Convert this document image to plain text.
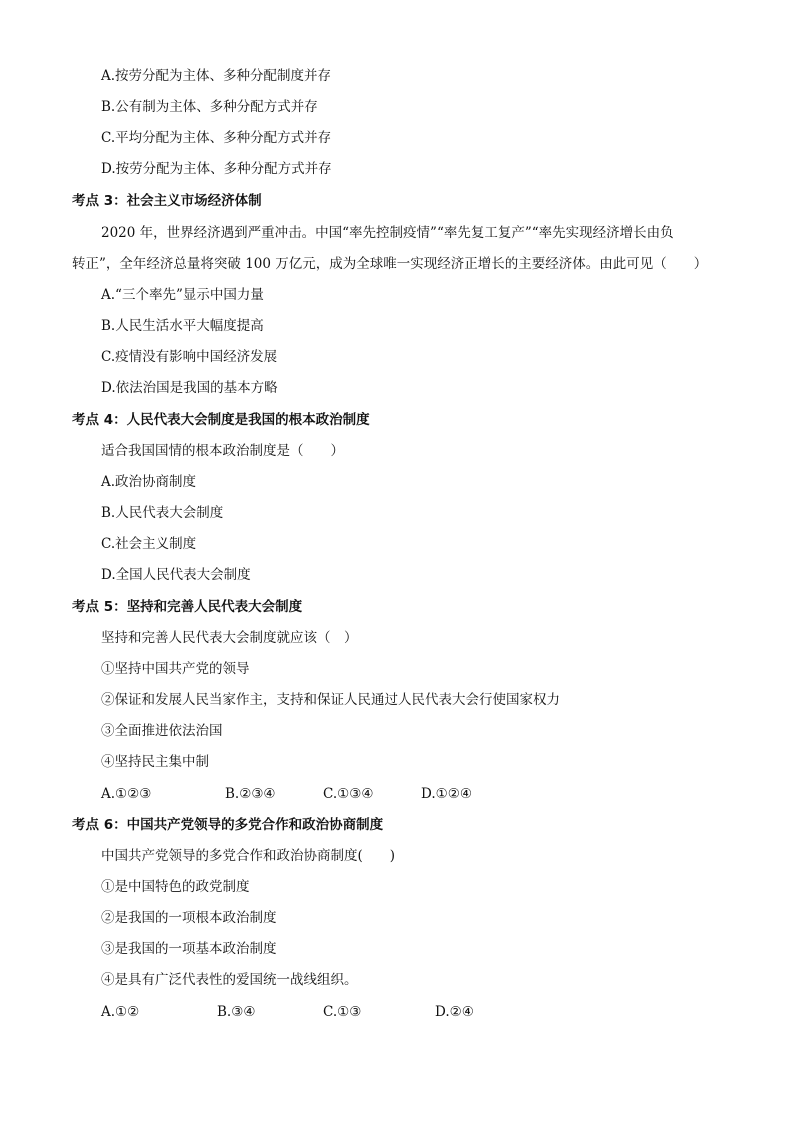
A.按劳分配为主体、多种分配制度并存
B.公有制为主体、多种分配方式并存
C.平均分配为主体、多种分配方式并存
D.按劳分配为主体、多种分配方式并存
考点 3：社会主义市场经济体制
2020 年，世界经济遇到严重冲击。中国“率先控制疫情”“率先复工复产”“率先实现经济增长由负
转正”，全年经济总量将突破 100 万亿元，成为全球唯一实现经济正增长的主要经济体。由此可见（　　）
A.“三个率先”显示中国力量
B.人民生活水平大幅度提高
C.疫情没有影响中国经济发展
D.依法治国是我国的基本方略
考点 4：人民代表大会制度是我国的根本政治制度
适合我国国情的根本政治制度是（　　）
A.政治协商制度
B.人民代表大会制度
C.社会主义制度
D.全国人民代表大会制度
考点 5：坚持和完善人民代表大会制度
坚持和完善人民代表大会制度就应该（　）
①坚持中国共产党的领导
②保证和发展人民当家作主，支持和保证人民通过人民代表大会行使国家权力
③全面推进依法治国
④坚持民主集中制
A.①②③	B.②③④	C.①③④	D.①②④
考点 6：中国共产党领导的多党合作和政治协商制度
中国共产党领导的多党合作和政治协商制度(　　)
①是中国特色的政党制度
②是我国的一项根本政治制度
③是我国的一项基本政治制度
④是具有广泛代表性的爱国统一战线组织。
A.①②	B.③④	C.①③	D.②④
